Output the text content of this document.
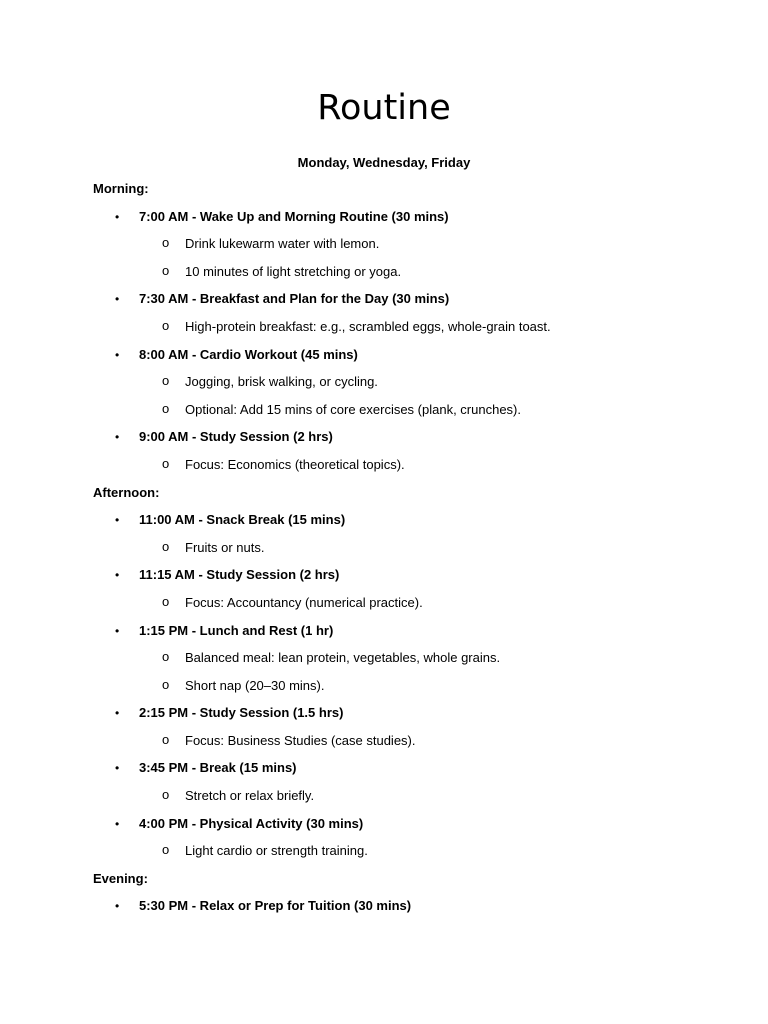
Routine
Monday, Wednesday, Friday
Morning:
•	7:00 AM - Wake Up and Morning Routine (30 mins)
o Drink lukewarm water with lemon.
o 10 minutes of light stretching or yoga.
•	7:30 AM - Breakfast and Plan for the Day (30 mins)
o High-protein breakfast: e.g., scrambled eggs, whole-grain toast.
•	8:00 AM - Cardio Workout (45 mins)
o Jogging, brisk walking, or cycling.
o Optional: Add 15 mins of core exercises (plank, crunches).
•	9:00 AM - Study Session (2 hrs)
o Focus: Economics (theoretical topics).
Afternoon:
•	11:00 AM - Snack Break (15 mins)
o Fruits or nuts.
•	11:15 AM - Study Session (2 hrs)
o Focus: Accountancy (numerical practice).
•	1:15 PM - Lunch and Rest (1 hr)
o Balanced meal: lean protein, vegetables, whole grains.
o Short nap (20–30 mins).
•	2:15 PM - Study Session (1.5 hrs)
o Focus: Business Studies (case studies).
•	3:45 PM - Break (15 mins)
o Stretch or relax briefly.
•	4:00 PM - Physical Activity (30 mins)
o Light cardio or strength training.
Evening:
•	5:30 PM - Relax or Prep for Tuition (30 mins)
